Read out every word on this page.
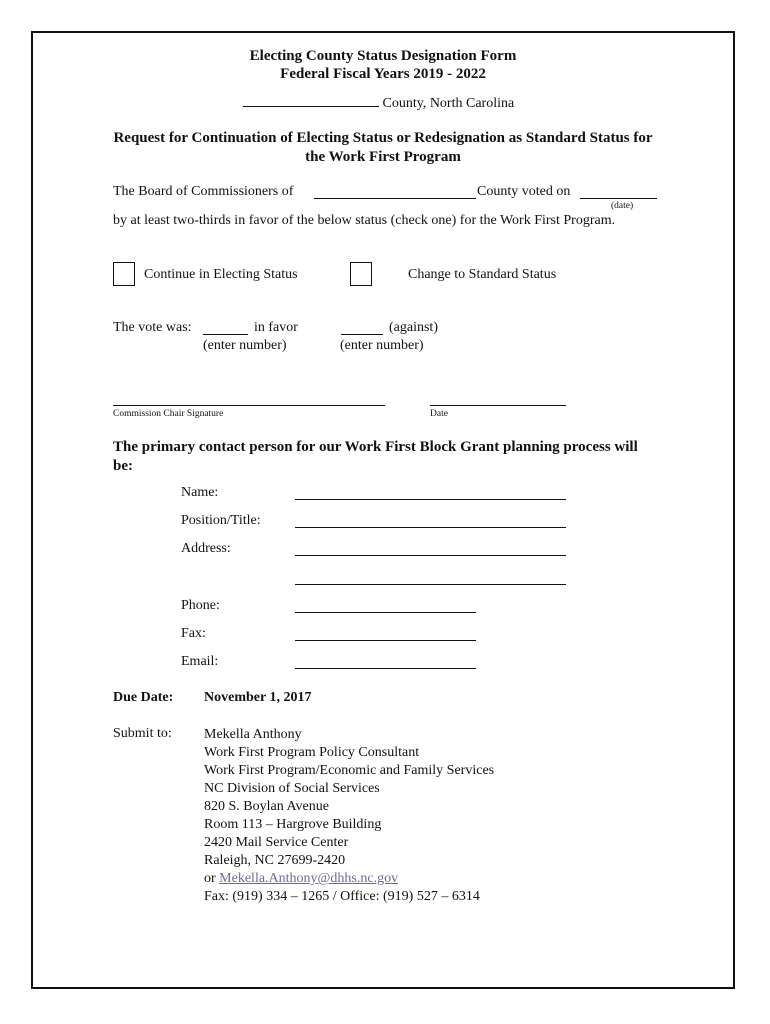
Electing County Status Designation Form
Federal Fiscal Years 2019 - 2022
County, North Carolina
Request for Continuation of Electing Status or Redesignation as Standard Status for
the Work First Program
The Board of Commissioners of	County voted on
(date)
by at least two-thirds in favor of the below status (check one) for the Work First Program.
Continue in Electing Status	Change to Standard Status
The vote was:	in favor	(against)
(enter number)	(enter number)
Commission Chair Signature	Date
The primary contact person for our Work First Block Grant planning process will
be:
Name:
Position/Title:
Address:
Phone:
Fax:
Email:
Due Date: November 1, 2017
Submit to: Mekella Anthony
Work First Program Policy Consultant
Work First Program/Economic and Family Services
NC Division of Social Services
820 S. Boylan Avenue
Room 113 – Hargrove Building
2420 Mail Service Center
Raleigh, NC 27699-2420
or Mekella.Anthony@dhhs.nc.gov
Fax: (919) 334 – 1265 / Office: (919) 527 – 6314
